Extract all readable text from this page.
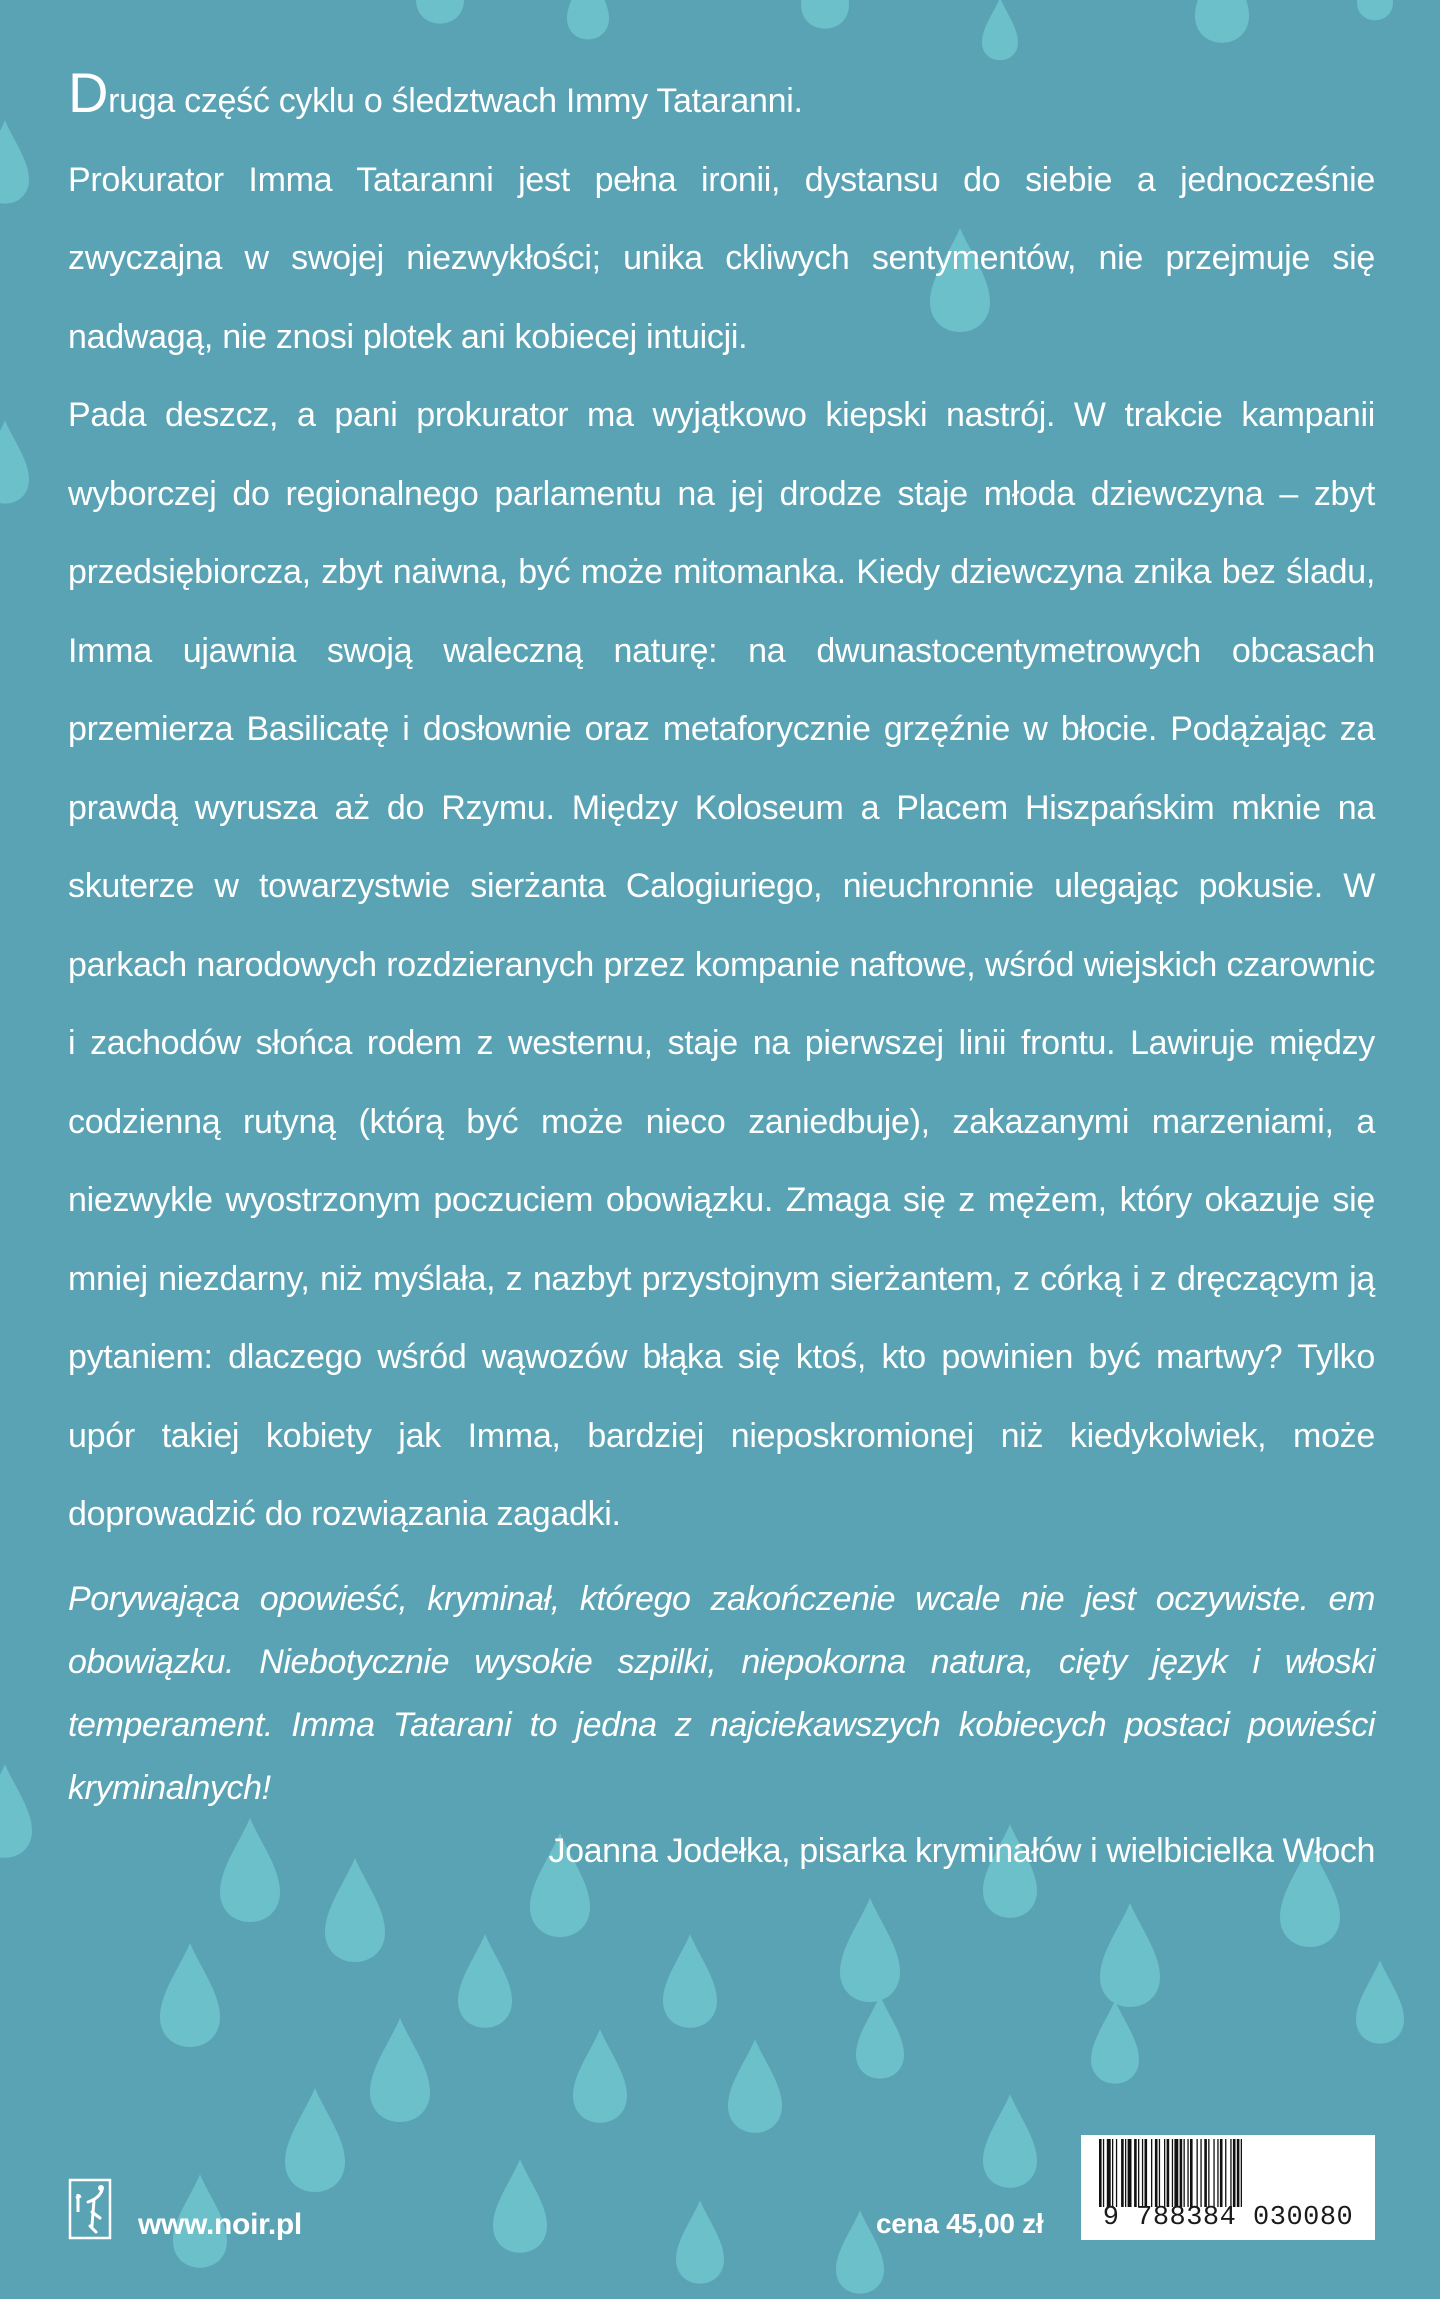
Druga część cyklu o śledztwach Immy Tataranni.

Prokurator Imma Tataranni jest pełna ironii, dystansu do siebie a jednocześnie zwyczajna w swojej niezwykłości; unika ckliwych sentymentów, nie przejmuje się nadwagą, nie znosi plotek ani kobiecej intuicji.

Pada deszcz, a pani prokurator ma wyjątkowo kiepski nastrój. W trakcie kampanii wyborczej do regionalnego parlamentu na jej drodze staje młoda dziewczyna – zbyt przedsiębiorcza, zbyt naiwna, być może mitomanka. Kiedy dziewczyna znika bez śladu, Imma ujawnia swoją waleczną naturę: na dwunastocentymetrowych obcasach przemierza Basilicatę i dosłownie oraz metaforycznie grzęźnie w błocie. Podążając za prawdą wyrusza aż do Rzymu. Między Koloseum a Placem Hiszpańskim mknie na skuterze w towarzystwie sierżanta Calogiuriego, nieuchronnie ulegając pokusie. W parkach narodowych rozdzieranych przez kompanie naftowe, wśród wiejskich czarownic i zachodów słońca rodem z westernu, staje na pierwszej linii frontu. Lawiruje między codzienną rutyną (którą być może nieco zaniedbuje), zakazanymi marzeniami, a niezwykle wyostrzonym poczuciem obowiązku. Zmaga się z mężem, który okazuje się mniej niezdarny, niż myślała, z nazbyt przystojnym sierżantem, z córką i z dręczącym ją pytaniem: dlaczego wśród wąwozów błąka się ktoś, kto powinien być martwy? Tylko upór takiej kobiety jak Imma, bardziej nieposkromionej niż kiedykolwiek, może doprowadzić do rozwiązania zagadki.

Porywająca opowieść, kryminał, którego zakończenie wcale nie jest oczywiste. em obowiązku. Niebotycznie wysokie szpilki, niepokorna natura, cięty język i włoski temperament. Imma Tatarani to jedna z najciekawszych kobiecych postaci powieści kryminalnych!

Joanna Jodełka, pisarka kryminałów i wielbicielka Włoch

www.noir.pl	cena 45,00 zł	9 788384 030080
